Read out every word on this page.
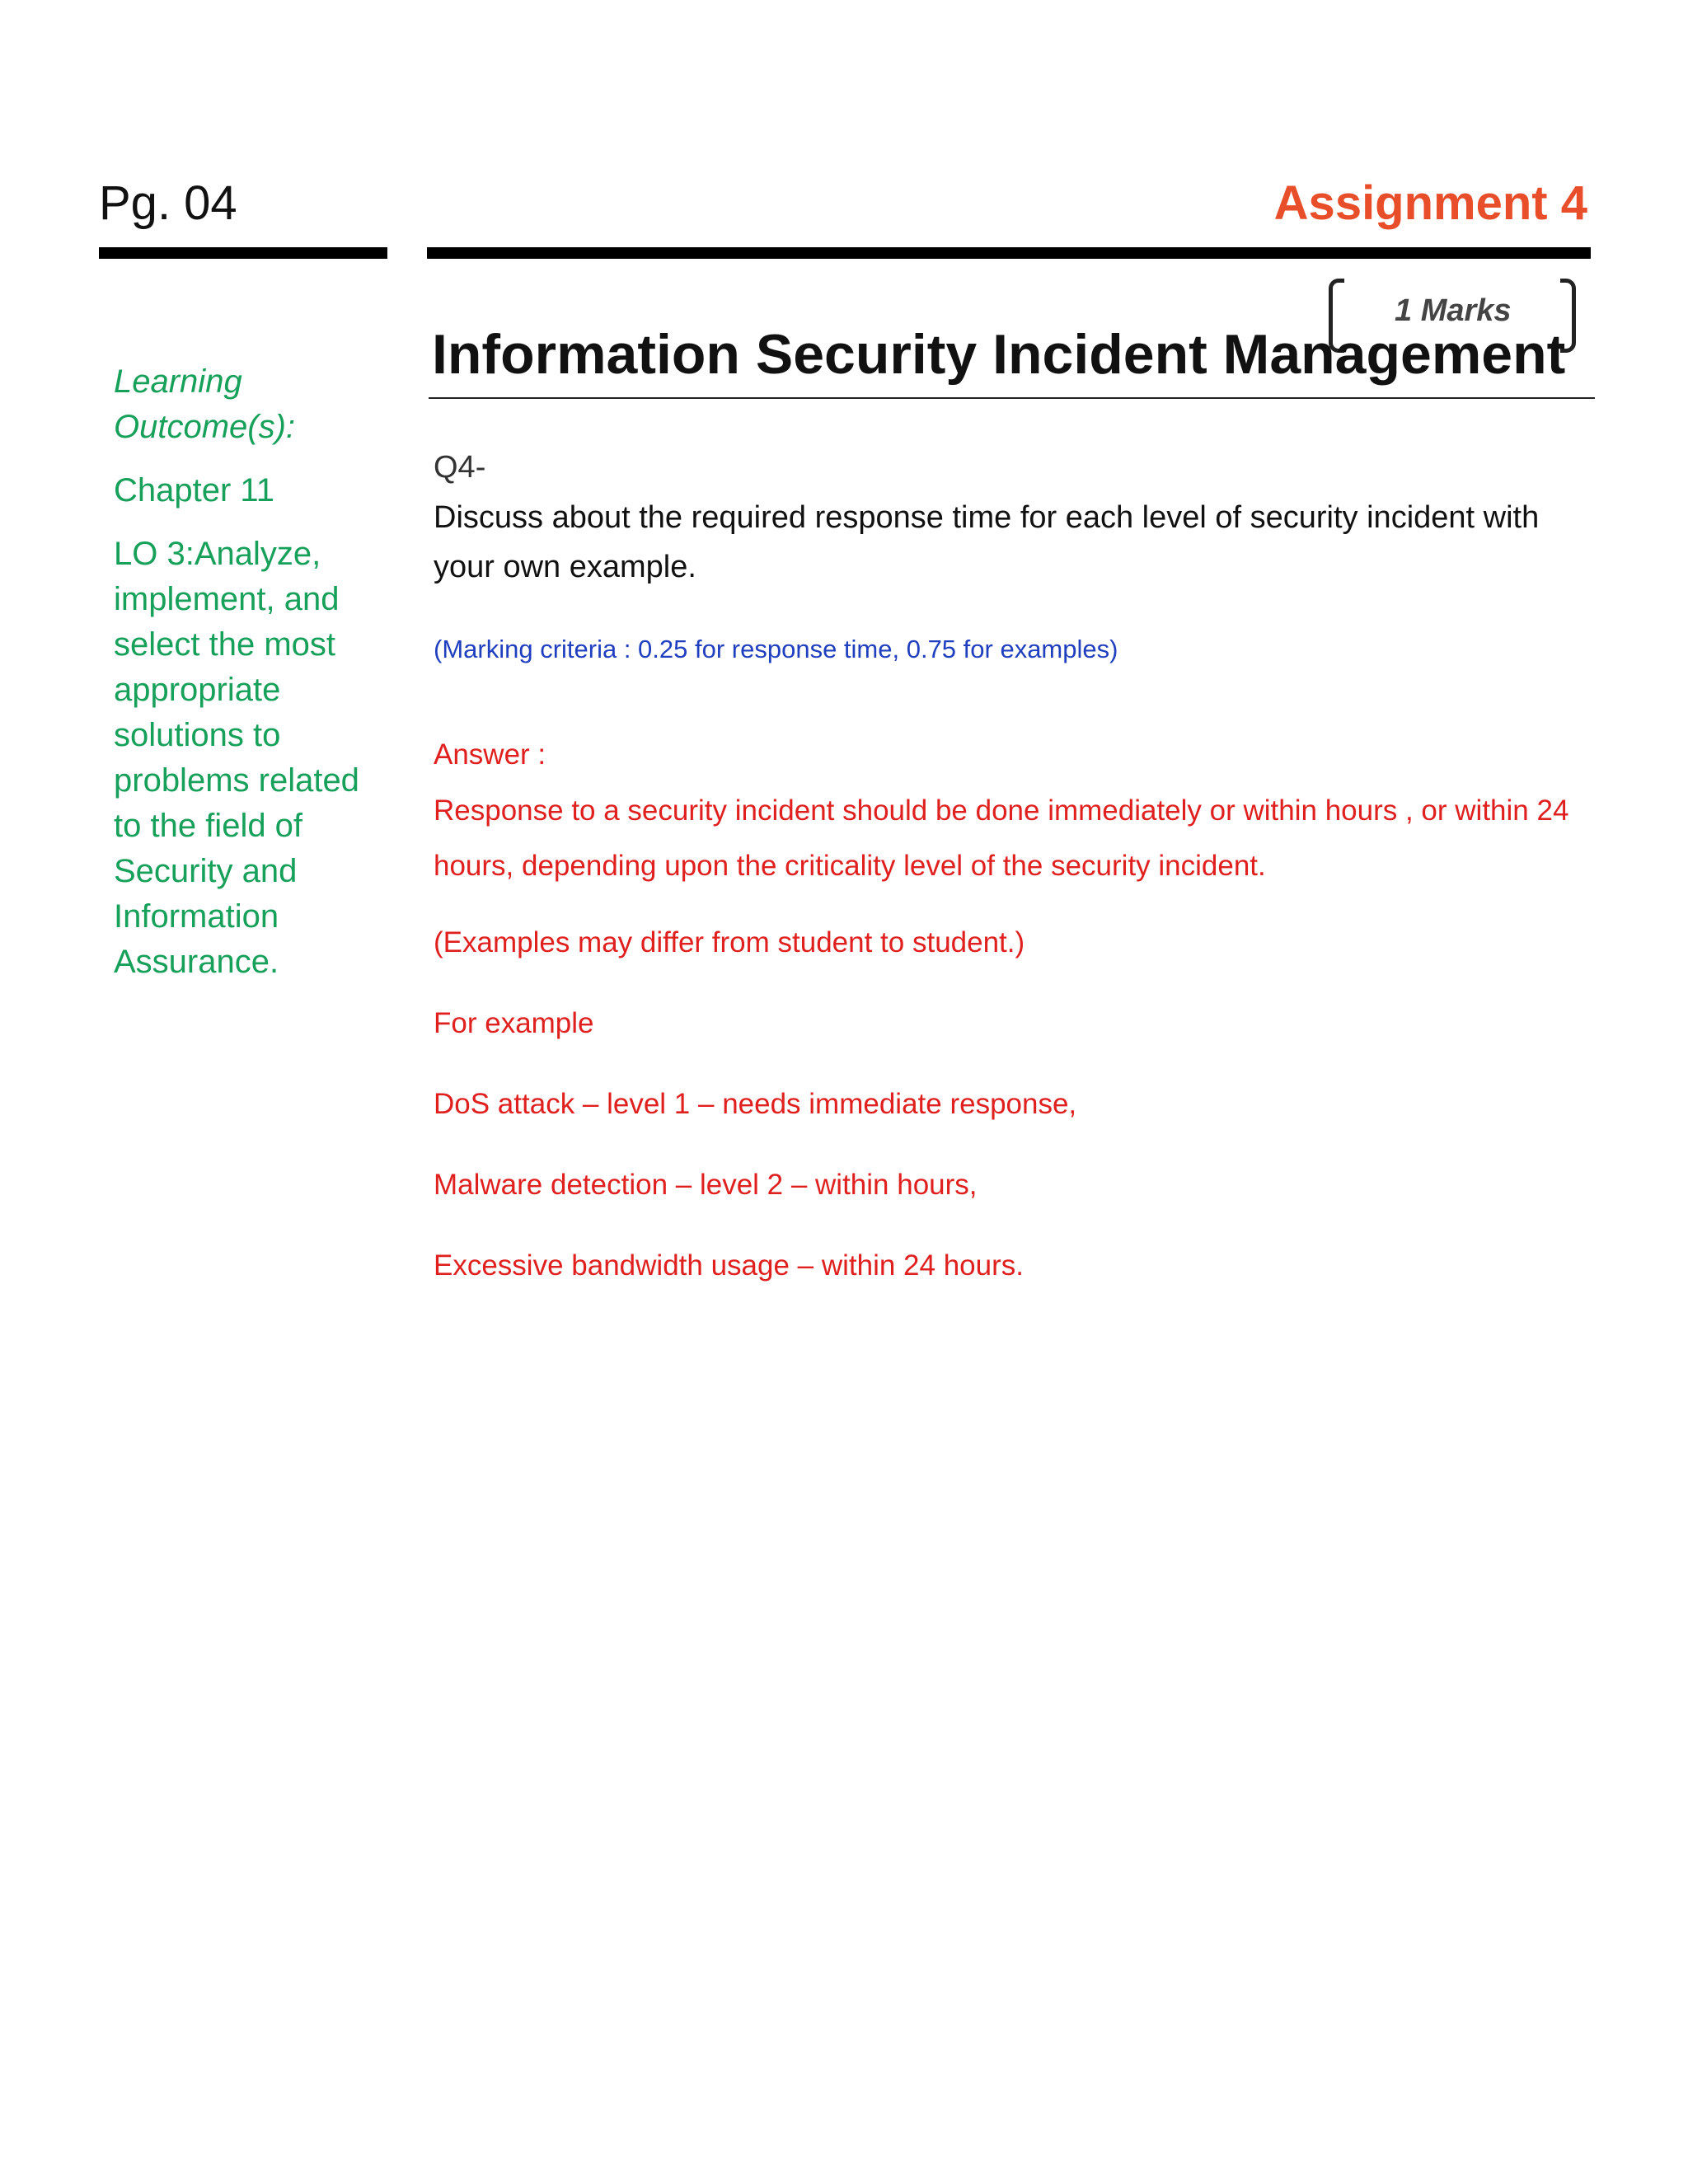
Pg. 04	Assignment 4

Learning Outcome(s):

Chapter 11

LO 3:Analyze, implement, and select the most appropriate solutions to problems related to the field of Security and Information Assurance.

1 Marks
Information Security Incident Management
Q4-
Discuss about the required response time for each level of security incident with your own example.
(Marking criteria : 0.25 for response time, 0.75 for examples)

Answer :

Response to a security incident should be done immediately or within hours , or within 24 hours, depending upon the criticality level of the security incident.

(Examples may differ from student to student.)

For example

DoS attack – level 1 – needs immediate response,

Malware detection – level 2 – within hours,

Excessive bandwidth usage – within 24 hours.
